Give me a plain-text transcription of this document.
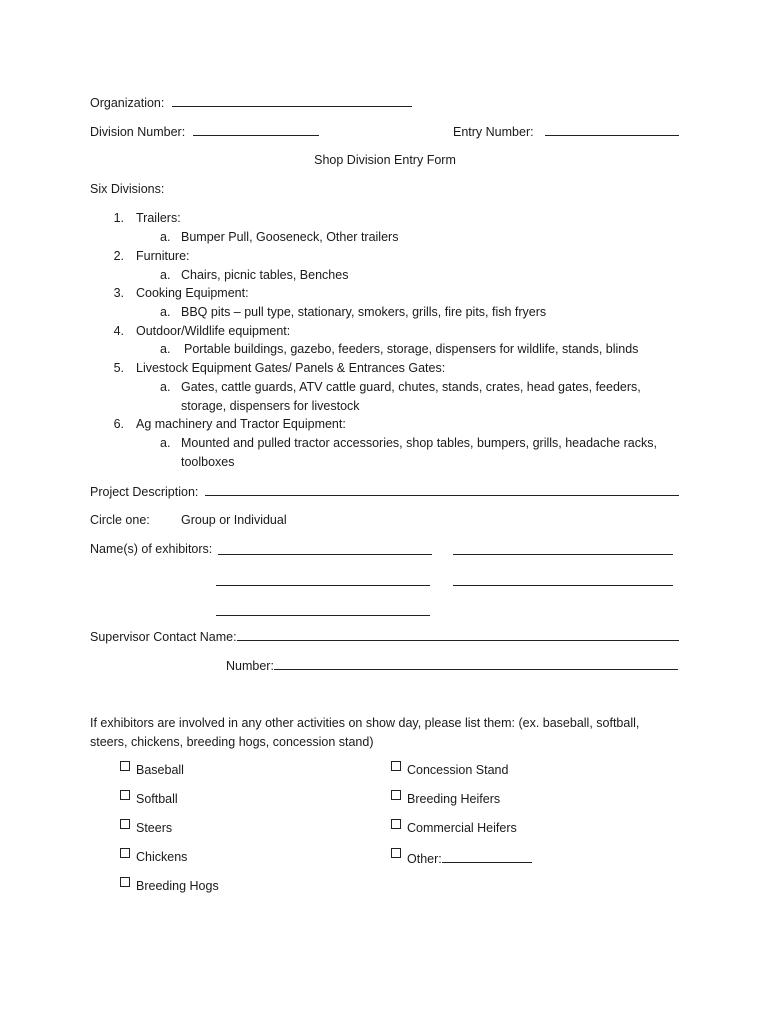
Organization:
Division Number:	Entry Number:
Shop Division Entry Form
Six Divisions:
1. Trailers:
a. Bumper Pull, Gooseneck, Other trailers
2. Furniture:
a. Chairs, picnic tables, Benches
3. Cooking Equipment:
a. BBQ pits – pull type, stationary, smokers, grills, fire pits, fish fryers
4. Outdoor/Wildlife equipment:
a. Portable buildings, gazebo, feeders, storage, dispensers for wildlife, stands, blinds
5. Livestock Equipment Gates/ Panels & Entrances Gates:
a. Gates, cattle guards, ATV cattle guard, chutes, stands, crates, head gates, feeders,
storage, dispensers for livestock
6. Ag machinery and Tractor Equipment:
a. Mounted and pulled tractor accessories, shop tables, bumpers, grills, headache racks,
toolboxes
Project Description:
Circle one:	Group or Individual
Name(s) of exhibitors:
Supervisor Contact Name:
Number:
If exhibitors are involved in any other activities on show day, please list them: (ex. baseball, softball,
steers, chickens, breeding hogs, concession stand)
Baseball
Softball
Steers
Chickens
Breeding Hogs
Concession Stand
Breeding Heifers
Commercial Heifers
Other:
